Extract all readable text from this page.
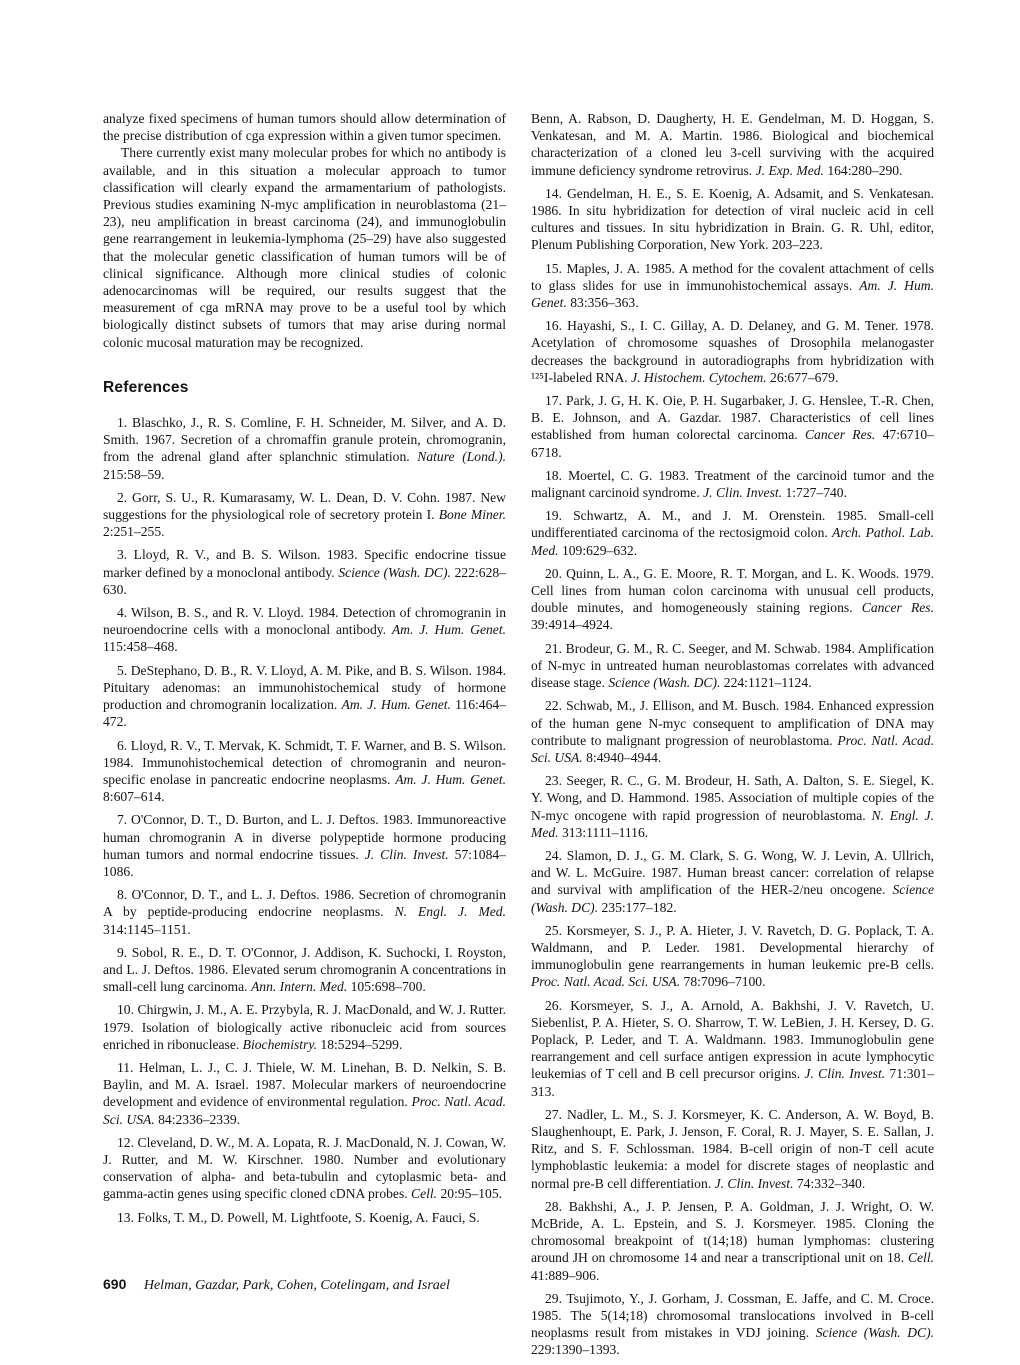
analyze fixed specimens of human tumors should allow determination of the precise distribution of cga expression within a given tumor specimen.

There currently exist many molecular probes for which no antibody is available, and in this situation a molecular approach to tumor classification will clearly expand the armamentarium of pathologists. Previous studies examining N-myc amplification in neuroblastoma (21–23), neu amplification in breast carcinoma (24), and immunoglobulin gene rearrangement in leukemia-lymphoma (25–29) have also suggested that the molecular genetic classification of human tumors will be of clinical significance. Although more clinical studies of colonic adenocarcinomas will be required, our results suggest that the measurement of cga mRNA may prove to be a useful tool by which biologically distinct subsets of tumors that may arise during normal colonic mucosal maturation may be recognized.

References

1. Blaschko, J., R. S. Comline, F. H. Schneider, M. Silver, and A. D. Smith. 1967. Secretion of a chromaffin granule protein, chromogranin, from the adrenal gland after splanchnic stimulation. Nature (Lond.). 215:58–59.

2. Gorr, S. U., R. Kumarasamy, W. L. Dean, D. V. Cohn. 1987. New suggestions for the physiological role of secretory protein I. Bone Miner. 2:251–255.

3. Lloyd, R. V., and B. S. Wilson. 1983. Specific endocrine tissue marker defined by a monoclonal antibody. Science (Wash. DC). 222:628–630.

4. Wilson, B. S., and R. V. Lloyd. 1984. Detection of chromogranin in neuroendocrine cells with a monoclonal antibody. Am. J. Hum. Genet. 115:458–468.

5. DeStephano, D. B., R. V. Lloyd, A. M. Pike, and B. S. Wilson. 1984. Pituitary adenomas: an immunohistochemical study of hormone production and chromogranin localization. Am. J. Hum. Genet. 116:464–472.

6. Lloyd, R. V., T. Mervak, K. Schmidt, T. F. Warner, and B. S. Wilson. 1984. Immunohistochemical detection of chromogranin and neuron-specific enolase in pancreatic endocrine neoplasms. Am. J. Hum. Genet. 8:607–614.

7. O'Connor, D. T., D. Burton, and L. J. Deftos. 1983. Immunoreactive human chromogranin A in diverse polypeptide hormone producing human tumors and normal endocrine tissues. J. Clin. Invest. 57:1084–1086.

8. O'Connor, D. T., and L. J. Deftos. 1986. Secretion of chromogranin A by peptide-producing endocrine neoplasms. N. Engl. J. Med. 314:1145–1151.

9. Sobol, R. E., D. T. O'Connor, J. Addison, K. Suchocki, I. Royston, and L. J. Deftos. 1986. Elevated serum chromogranin A concentrations in small-cell lung carcinoma. Ann. Intern. Med. 105:698–700.

10. Chirgwin, J. M., A. E. Przybyla, R. J. MacDonald, and W. J. Rutter. 1979. Isolation of biologically active ribonucleic acid from sources enriched in ribonuclease. Biochemistry. 18:5294–5299.

11. Helman, L. J., C. J. Thiele, W. M. Linehan, B. D. Nelkin, S. B. Baylin, and M. A. Israel. 1987. Molecular markers of neuroendocrine development and evidence of environmental regulation. Proc. Natl. Acad. Sci. USA. 84:2336–2339.

12. Cleveland, D. W., M. A. Lopata, R. J. MacDonald, N. J. Cowan, W. J. Rutter, and M. W. Kirschner. 1980. Number and evolutionary conservation of alpha- and beta-tubulin and cytoplasmic beta- and gamma-actin genes using specific cloned cDNA probes. Cell. 20:95–105.

13. Folks, T. M., D. Powell, M. Lightfoote, S. Koenig, A. Fauci, S.

Benn, A. Rabson, D. Daugherty, H. E. Gendelman, M. D. Hoggan, S. Venkatesan, and M. A. Martin. 1986. Biological and biochemical characterization of a cloned leu 3-cell surviving with the acquired immune deficiency syndrome retrovirus. J. Exp. Med. 164:280–290.

14. Gendelman, H. E., S. E. Koenig, A. Adsamit, and S. Venkatesan. 1986. In situ hybridization for detection of viral nucleic acid in cell cultures and tissues. In situ hybridization in Brain. G. R. Uhl, editor, Plenum Publishing Corporation, New York. 203–223.

15. Maples, J. A. 1985. A method for the covalent attachment of cells to glass slides for use in immunohistochemical assays. Am. J. Hum. Genet. 83:356–363.

16. Hayashi, S., I. C. Gillay, A. D. Delaney, and G. M. Tener. 1978. Acetylation of chromosome squashes of Drosophila melanogaster decreases the background in autoradiographs from hybridization with ¹²⁵I-labeled RNA. J. Histochem. Cytochem. 26:677–679.

17. Park, J. G, H. K. Oie, P. H. Sugarbaker, J. G. Henslee, T.-R. Chen, B. E. Johnson, and A. Gazdar. 1987. Characteristics of cell lines established from human colorectal carcinoma. Cancer Res. 47:6710–6718.

18. Moertel, C. G. 1983. Treatment of the carcinoid tumor and the malignant carcinoid syndrome. J. Clin. Invest. 1:727–740.

19. Schwartz, A. M., and J. M. Orenstein. 1985. Small-cell undifferentiated carcinoma of the rectosigmoid colon. Arch. Pathol. Lab. Med. 109:629–632.

20. Quinn, L. A., G. E. Moore, R. T. Morgan, and L. K. Woods. 1979. Cell lines from human colon carcinoma with unusual cell products, double minutes, and homogeneously staining regions. Cancer Res. 39:4914–4924.

21. Brodeur, G. M., R. C. Seeger, and M. Schwab. 1984. Amplification of N-myc in untreated human neuroblastomas correlates with advanced disease stage. Science (Wash. DC). 224:1121–1124.

22. Schwab, M., J. Ellison, and M. Busch. 1984. Enhanced expression of the human gene N-myc consequent to amplification of DNA may contribute to malignant progression of neuroblastoma. Proc. Natl. Acad. Sci. USA. 8:4940–4944.

23. Seeger, R. C., G. M. Brodeur, H. Sath, A. Dalton, S. E. Siegel, K. Y. Wong, and D. Hammond. 1985. Association of multiple copies of the N-myc oncogene with rapid progression of neuroblastoma. N. Engl. J. Med. 313:1111–1116.

24. Slamon, D. J., G. M. Clark, S. G. Wong, W. J. Levin, A. Ullrich, and W. L. McGuire. 1987. Human breast cancer: correlation of relapse and survival with amplification of the HER-2/neu oncogene. Science (Wash. DC). 235:177–182.

25. Korsmeyer, S. J., P. A. Hieter, J. V. Ravetch, D. G. Poplack, T. A. Waldmann, and P. Leder. 1981. Developmental hierarchy of immunoglobulin gene rearrangements in human leukemic pre-B cells. Proc. Natl. Acad. Sci. USA. 78:7096–7100.

26. Korsmeyer, S. J., A. Arnold, A. Bakhshi, J. V. Ravetch, U. Siebenlist, P. A. Hieter, S. O. Sharrow, T. W. LeBien, J. H. Kersey, D. G. Poplack, P. Leder, and T. A. Waldmann. 1983. Immunoglobulin gene rearrangement and cell surface antigen expression in acute lymphocytic leukemias of T cell and B cell precursor origins. J. Clin. Invest. 71:301–313.

27. Nadler, L. M., S. J. Korsmeyer, K. C. Anderson, A. W. Boyd, B. Slaughenhoupt, E. Park, J. Jenson, F. Coral, R. J. Mayer, S. E. Sallan, J. Ritz, and S. F. Schlossman. 1984. B-cell origin of non-T cell acute lymphoblastic leukemia: a model for discrete stages of neoplastic and normal pre-B cell differentiation. J. Clin. Invest. 74:332–340.

28. Bakhshi, A., J. P. Jensen, P. A. Goldman, J. J. Wright, O. W. McBride, A. L. Epstein, and S. J. Korsmeyer. 1985. Cloning the chromosomal breakpoint of t(14;18) human lymphomas: clustering around JH on chromosome 14 and near a transcriptional unit on 18. Cell. 41:889–906.

29. Tsujimoto, Y., J. Gorham, J. Cossman, E. Jaffe, and C. M. Croce. 1985. The 5(14;18) chromosomal translocations involved in B-cell neoplasms result from mistakes in VDJ joining. Science (Wash. DC). 229:1390–1393.

690 Helman, Gazdar, Park, Cohen, Cotelingam, and Israel
